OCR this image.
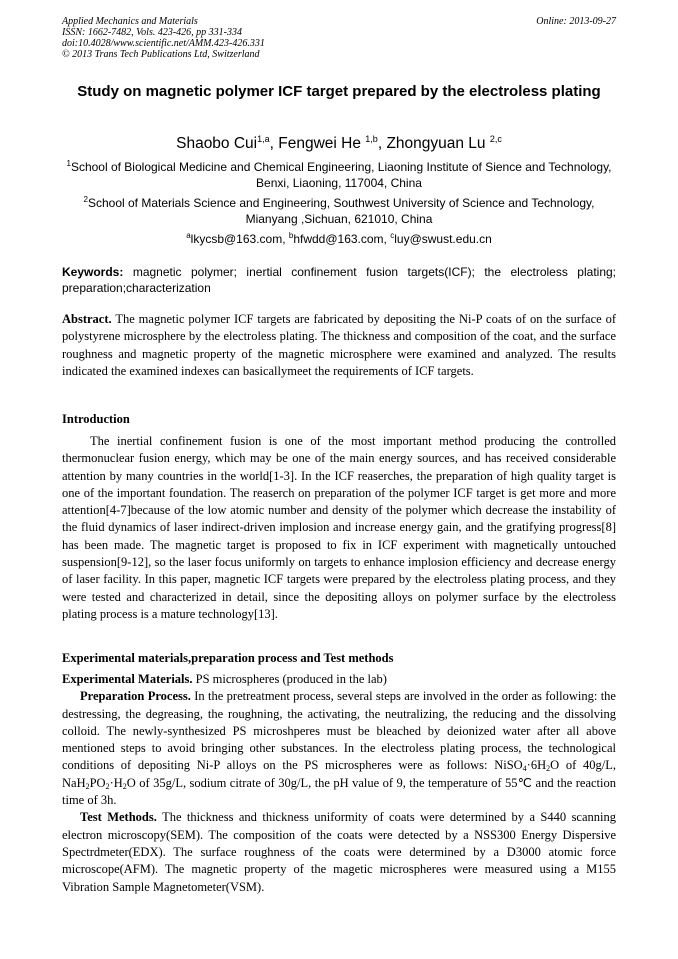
Applied Mechanics and Materials
ISSN: 1662-7482, Vols. 423-426, pp 331-334
doi:10.4028/www.scientific.net/AMM.423-426.331
© 2013 Trans Tech Publications Ltd, Switzerland
Online: 2013-09-27
Study on magnetic polymer ICF target prepared by the electroless plating
Shaobo Cui$^{1,a}$, Fengwei He $^{1,b}$, Zhongyuan Lu $^{2,c}$
$^1$School of Biological Medicine and Chemical Engineering, Liaoning Institute of Sience and Technology, Benxi, Liaoning, 117004, China
$^2$School of Materials Science and Engineering, Southwest University of Science and Technology, Mianyang ,Sichuan, 621010, China
$^a$lkycsb@163.com, $^b$hfwdd@163.com, $^c$luy@swust.edu.cn
Keywords: magnetic polymer; inertial confinement fusion targets(ICF); the electroless plating; preparation;characterization
Abstract. The magnetic polymer ICF targets are fabricated by depositing the Ni-P coats of on the surface of polystyrene microsphere by the electroless plating. The thickness and composition of the coat, and the surface roughness and magnetic property of the magnetic microsphere were examined and analyzed. The results indicated the examined indexes can basicallymeet the requirements of ICF targets.
Introduction
The inertial confinement fusion is one of the most important method producing the controlled thermonuclear fusion energy, which may be one of the main energy sources, and has received considerable attention by many countries in the world[1-3]. In the ICF reaserches, the preparation of high quality target is one of the important foundation. The reaserch on preparation of the polymer ICF target is get more and more attention[4-7]because of the low atomic number and density of the polymer which decrease the instability of the fluid dynamics of laser indirect-driven implosion and increase energy gain, and the gratifying progress[8] has been made. The magnetic target is proposed to fix in ICF experiment with magnetically untouched suspension[9-12], so the laser focus uniformly on targets to enhance implosion efficiency and decrease energy of laser facility. In this paper, magnetic ICF targets were prepared by the electroless plating process, and they were tested and characterized in detail, since the depositing alloys on polymer surface by the electroless plating process is a mature technology[13].
Experimental materials,preparation process and Test methods

Experimental Materials. PS microspheres (produced in the lab)

Preparation Process. In the pretreatment process, several steps are involved in the order as following: the destressing, the degreasing, the roughning, the activating, the neutralizing, the reducing and the dissolving colloid. The newly-synthesized PS microshperes must be bleached by deionized water after all above mentioned steps to avoid bringing other substances. In the electroless plating process, the technological conditions of depositing Ni-P alloys on the PS microspheres were as follows: $NiSO_4\cdot 6H_2O$ of 40g/L, $NaH_2PO_2\cdot H_2O$ of 35g/L, sodium citrate of 30g/L, the pH value of 9, the temperature of 55℃ and the reaction time of 3h.

Test Methods. The thickness and thickness uniformity of coats were determined by a S440 scanning electron microscopy(SEM). The composition of the coats were detected by a NSS300 Energy Dispersive Spectrdmeter(EDX). The surface roughness of the coats were determined by a D3000 atomic force microscope(AFM). The magnetic property of the magetic microspheres were measured using a M155 Vibration Sample Magnetometer(VSM).
